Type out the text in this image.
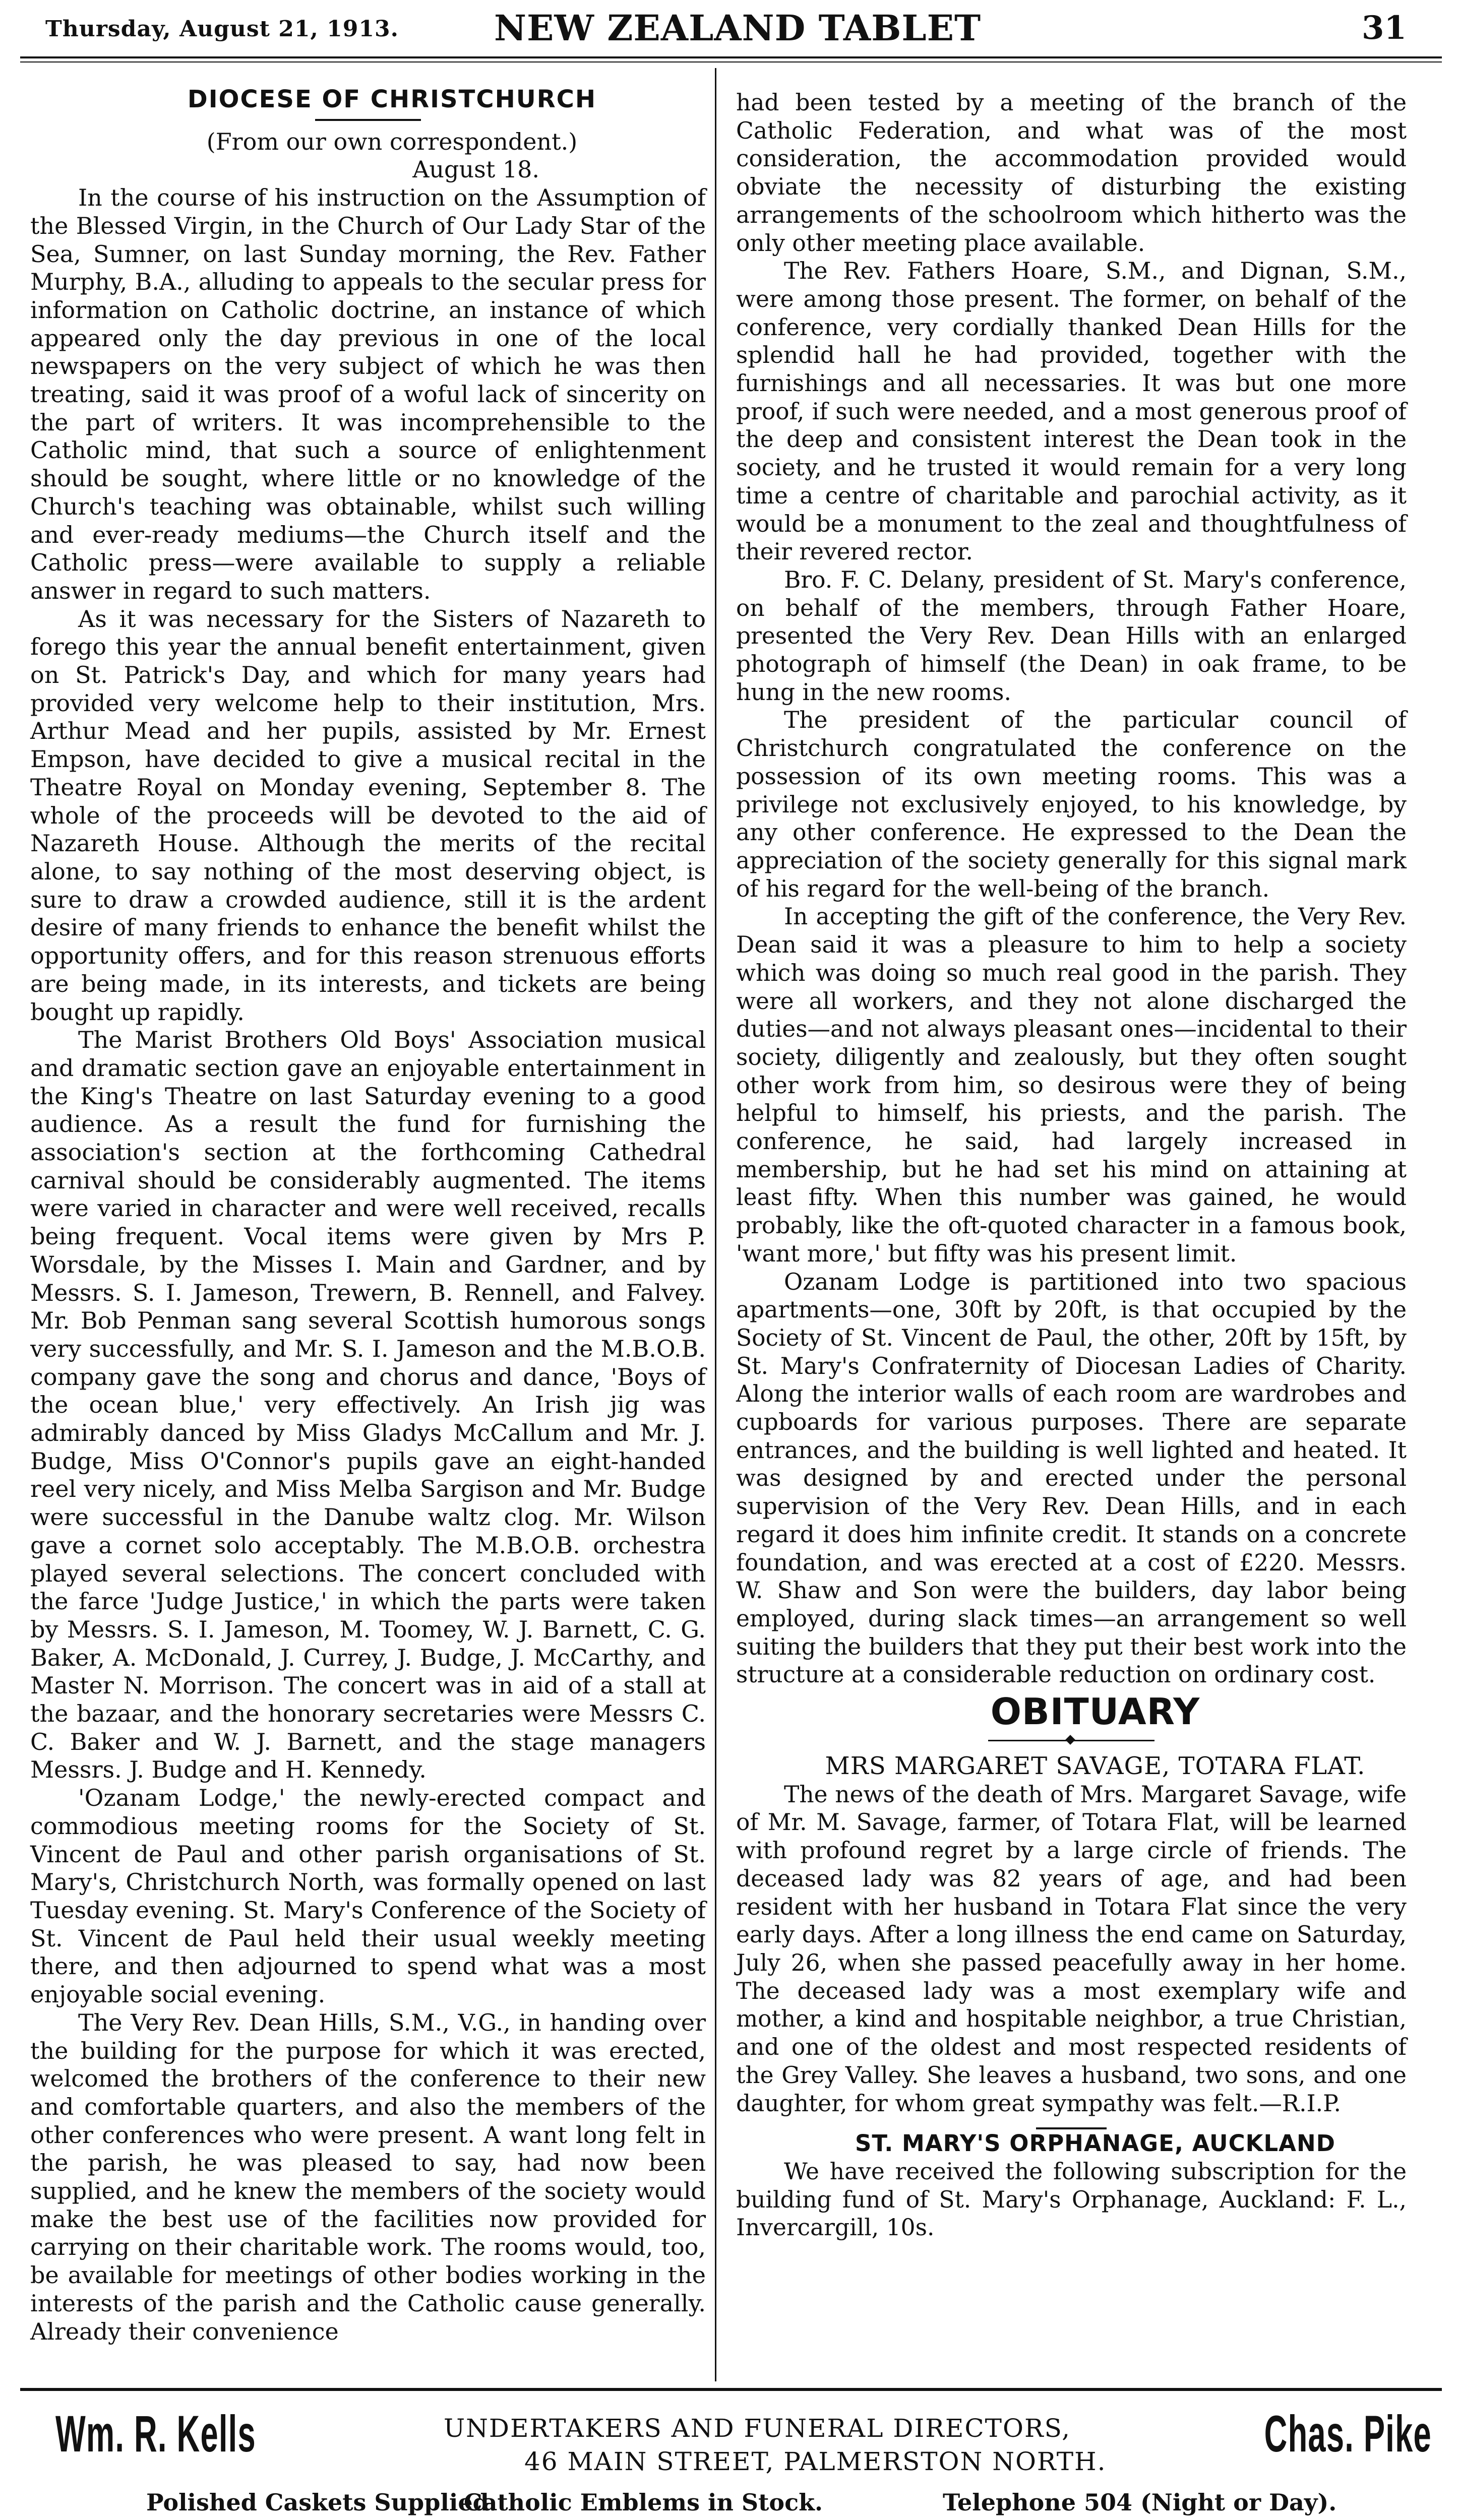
Thursday, August 21, 1913.	NEW ZEALAND TABLET	31

DIOCESE OF CHRISTCHURCH

(From our own correspondent.)

August 18.

In the course of his instruction on the Assumption of the Blessed Virgin, in the Church of Our Lady Star of the Sea, Sumner, on last Sunday morning, the Rev. Father Murphy, B.A., alluding to appeals to the secular press for information on Catholic doctrine, an instance of which appeared only the day previous in one of the local newspapers on the very subject of which he was then treating, said it was proof of a woful lack of sincerity on the part of writers. It was incomprehensible to the Catholic mind, that such a source of enlightenment should be sought, where little or no knowledge of the Church's teaching was obtainable, whilst such willing and ever-ready mediums—the Church itself and the Catholic press—were available to supply a reliable answer in regard to such matters.

As it was necessary for the Sisters of Nazareth to forego this year the annual benefit entertainment, given on St. Patrick's Day, and which for many years had provided very welcome help to their institution, Mrs. Arthur Mead and her pupils, assisted by Mr. Ernest Empson, have decided to give a musical recital in the Theatre Royal on Monday evening, September 8. The whole of the proceeds will be devoted to the aid of Nazareth House. Although the merits of the recital alone, to say nothing of the most deserving object, is sure to draw a crowded audience, still it is the ardent desire of many friends to enhance the benefit whilst the opportunity offers, and for this reason strenuous efforts are being made, in its interests, and tickets are being bought up rapidly.

The Marist Brothers Old Boys' Association musical and dramatic section gave an enjoyable entertainment in the King's Theatre on last Saturday evening to a good audience. As a result the fund for furnishing the association's section at the forthcoming Cathedral carnival should be considerably augmented. The items were varied in character and were well received, recalls being frequent. Vocal items were given by Mrs P. Worsdale, by the Misses I. Main and Gardner, and by Messrs. S. I. Jameson, Trewern, B. Rennell, and Falvey. Mr. Bob Penman sang several Scottish humorous songs very successfully, and Mr. S. I. Jameson and the M.B.O.B. company gave the song and chorus and dance, 'Boys of the ocean blue,' very effectively. An Irish jig was admirably danced by Miss Gladys McCallum and Mr. J. Budge, Miss O'Connor's pupils gave an eight-handed reel very nicely, and Miss Melba Sargison and Mr. Budge were successful in the Danube waltz clog. Mr. Wilson gave a cornet solo acceptably. The M.B.O.B. orchestra played several selections. The concert concluded with the farce 'Judge Justice,' in which the parts were taken by Messrs. S. I. Jameson, M. Toomey, W. J. Barnett, C. G. Baker, A. McDonald, J. Currey, J. Budge, J. McCarthy, and Master N. Morrison. The concert was in aid of a stall at the bazaar, and the honorary secretaries were Messrs C. C. Baker and W. J. Barnett, and the stage managers Messrs. J. Budge and H. Kennedy.

'Ozanam Lodge,' the newly-erected compact and commodious meeting rooms for the Society of St. Vincent de Paul and other parish organisations of St. Mary's, Christchurch North, was formally opened on last Tuesday evening. St. Mary's Conference of the Society of St. Vincent de Paul held their usual weekly meeting there, and then adjourned to spend what was a most enjoyable social evening.

The Very Rev. Dean Hills, S.M., V.G., in handing over the building for the purpose for which it was erected, welcomed the brothers of the conference to their new and comfortable quarters, and also the members of the other conferences who were present. A want long felt in the parish, he was pleased to say, had now been supplied, and he knew the members of the society would make the best use of the facilities now provided for carrying on their charitable work. The rooms would, too, be available for meetings of other bodies working in the interests of the parish and the Catholic cause generally. Already their convenience

had been tested by a meeting of the branch of the Catholic Federation, and what was of the most consideration, the accommodation provided would obviate the necessity of disturbing the existing arrangements of the schoolroom which hitherto was the only other meeting place available.

The Rev. Fathers Hoare, S.M., and Dignan, S.M., were among those present. The former, on behalf of the conference, very cordially thanked Dean Hills for the splendid hall he had provided, together with the furnishings and all necessaries. It was but one more proof, if such were needed, and a most generous proof of the deep and consistent interest the Dean took in the society, and he trusted it would remain for a very long time a centre of charitable and parochial activity, as it would be a monument to the zeal and thoughtfulness of their revered rector.

Bro. F. C. Delany, president of St. Mary's conference, on behalf of the members, through Father Hoare, presented the Very Rev. Dean Hills with an enlarged photograph of himself (the Dean) in oak frame, to be hung in the new rooms.

The president of the particular council of Christchurch congratulated the conference on the possession of its own meeting rooms. This was a privilege not exclusively enjoyed, to his knowledge, by any other conference. He expressed to the Dean the appreciation of the society generally for this signal mark of his regard for the well-being of the branch.

In accepting the gift of the conference, the Very Rev. Dean said it was a pleasure to him to help a society which was doing so much real good in the parish. They were all workers, and they not alone discharged the duties—and not always pleasant ones—incidental to their society, diligently and zealously, but they often sought other work from him, so desirous were they of being helpful to himself, his priests, and the parish. The conference, he said, had largely increased in membership, but he had set his mind on attaining at least fifty. When this number was gained, he would probably, like the oft-quoted character in a famous book, 'want more,' but fifty was his present limit.

Ozanam Lodge is partitioned into two spacious apartments—one, 30ft by 20ft, is that occupied by the Society of St. Vincent de Paul, the other, 20ft by 15ft, by St. Mary's Confraternity of Diocesan Ladies of Charity. Along the interior walls of each room are wardrobes and cupboards for various purposes. There are separate entrances, and the building is well lighted and heated. It was designed by and erected under the personal supervision of the Very Rev. Dean Hills, and in each regard it does him infinite credit. It stands on a concrete foundation, and was erected at a cost of £220. Messrs. W. Shaw and Son were the builders, day labor being employed, during slack times—an arrangement so well suiting the builders that they put their best work into the structure at a considerable reduction on ordinary cost.

OBITUARY

MRS MARGARET SAVAGE, TOTARA FLAT.

The news of the death of Mrs. Margaret Savage, wife of Mr. M. Savage, farmer, of Totara Flat, will be learned with profound regret by a large circle of friends. The deceased lady was 82 years of age, and had been resident with her husband in Totara Flat since the very early days. After a long illness the end came on Saturday, July 26, when she passed peacefully away in her home. The deceased lady was a most exemplary wife and mother, a kind and hospitable neighbor, a true Christian, and one of the oldest and most respected residents of the Grey Valley. She leaves a husband, two sons, and one daughter, for whom great sympathy was felt.—R.I.P.

ST. MARY'S ORPHANAGE, AUCKLAND

We have received the following subscription for the building fund of St. Mary's Orphanage, Auckland: F. L., Invercargill, 10s.

Wm. R. Kells	UNDERTAKERS AND FUNERAL DIRECTORS,
46 MAIN STREET, PALMERSTON NORTH.	Chas. Pike
Polished Caskets Supplied.
Catholic Emblems in Stock.	Telephone 504 (Night or Day).
